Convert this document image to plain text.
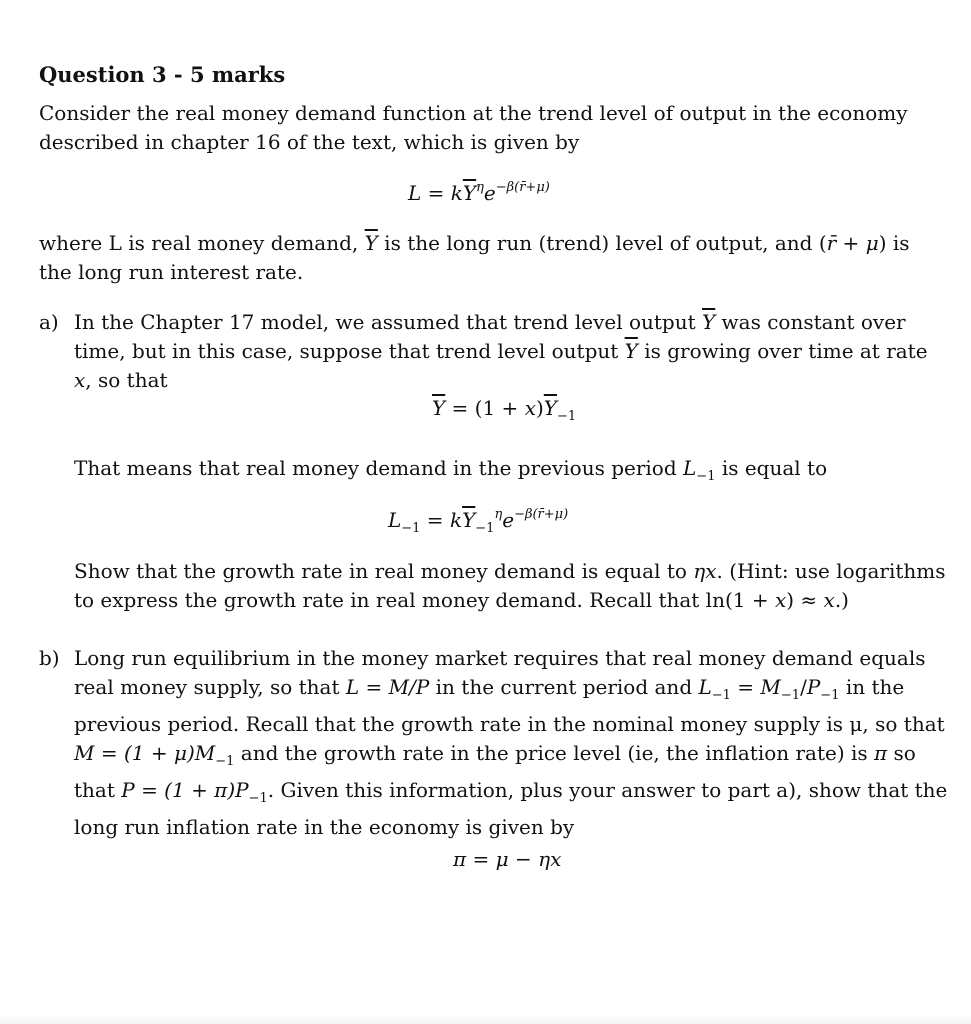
Question 3 - 5 marks
Consider the real money demand function at the trend level of output in the economy described in chapter 16 of the text, which is given by
$L = k\overline{Y}^\eta e^{-\beta(r̄+\mu)}$
where L is real money demand, $\overline{Y}$ is the long run (trend) level of output, and (r̄ + μ) is the long run interest rate.
a) In the Chapter 17 model, we assumed that trend level output $\overline{Y}$ was constant over time, but in this case, suppose that trend level output $\overline{Y}$ is growing over time at rate x, so that
$\overline{Y} = (1 + x)\overline{Y}_{-1}$
That means that real money demand in the previous period $L_{-1}$ is equal to
$L_{-1} = k\overline{Y}_{-1}^\eta e^{-\beta(r̄+\mu)}$
Show that the growth rate in real money demand is equal to ηx. (Hint: use logarithms to express the growth rate in real money demand. Recall that ln(1 + x) ≈ x.)
b) Long run equilibrium in the money market requires that real money demand equals real money supply, so that L = M/P in the current period and $L_{-1} = M_{-1}/P_{-1}$ in the previous period. Recall that the growth rate in the nominal money supply is μ, so that $M = (1 + \mu)M_{-1}$ and the growth rate in the price level (ie, the inflation rate) is π so that $P = (1 + \pi)P_{-1}$. Given this information, plus your answer to part a), show that the long run inflation rate in the economy is given by
π = μ − ηx
